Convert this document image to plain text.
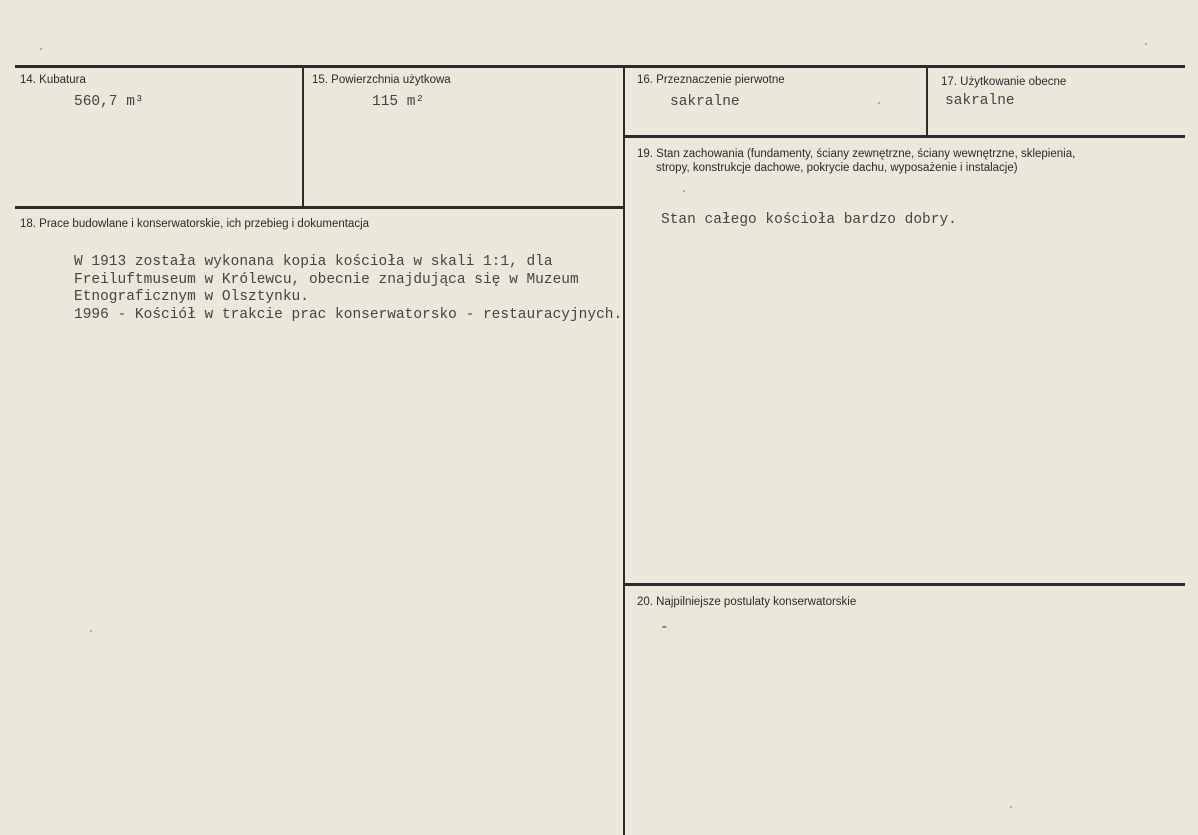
14. Kubatura
560,7 m³
15. Powierzchnia użytkowa
115 m²
16. Przeznaczenie pierwotne
sakralne
17. Użytkowanie obecne
sakralne
18. Prace budowlane i konserwatorskie, ich przebieg i dokumentacja
W 1913 została wykonana kopia kościoła w skali 1:1, dla
Freiluftmuseum w Królewcu, obecnie znajdująca się w Muzeum
Etnograficznym w Olsztynku.
1996 - Kościół w trakcie prac konserwatorsko - restauracyjnych.
19. Stan zachowania (fundamenty, ściany zewnętrzne, ściany wewnętrzne, sklepienia,
stropy, konstrukcje dachowe, pokrycie dachu, wyposażenie i instalacje)
Stan całego kościoła bardzo dobry.
20. Najpilniejsze postulaty konserwatorskie
-
